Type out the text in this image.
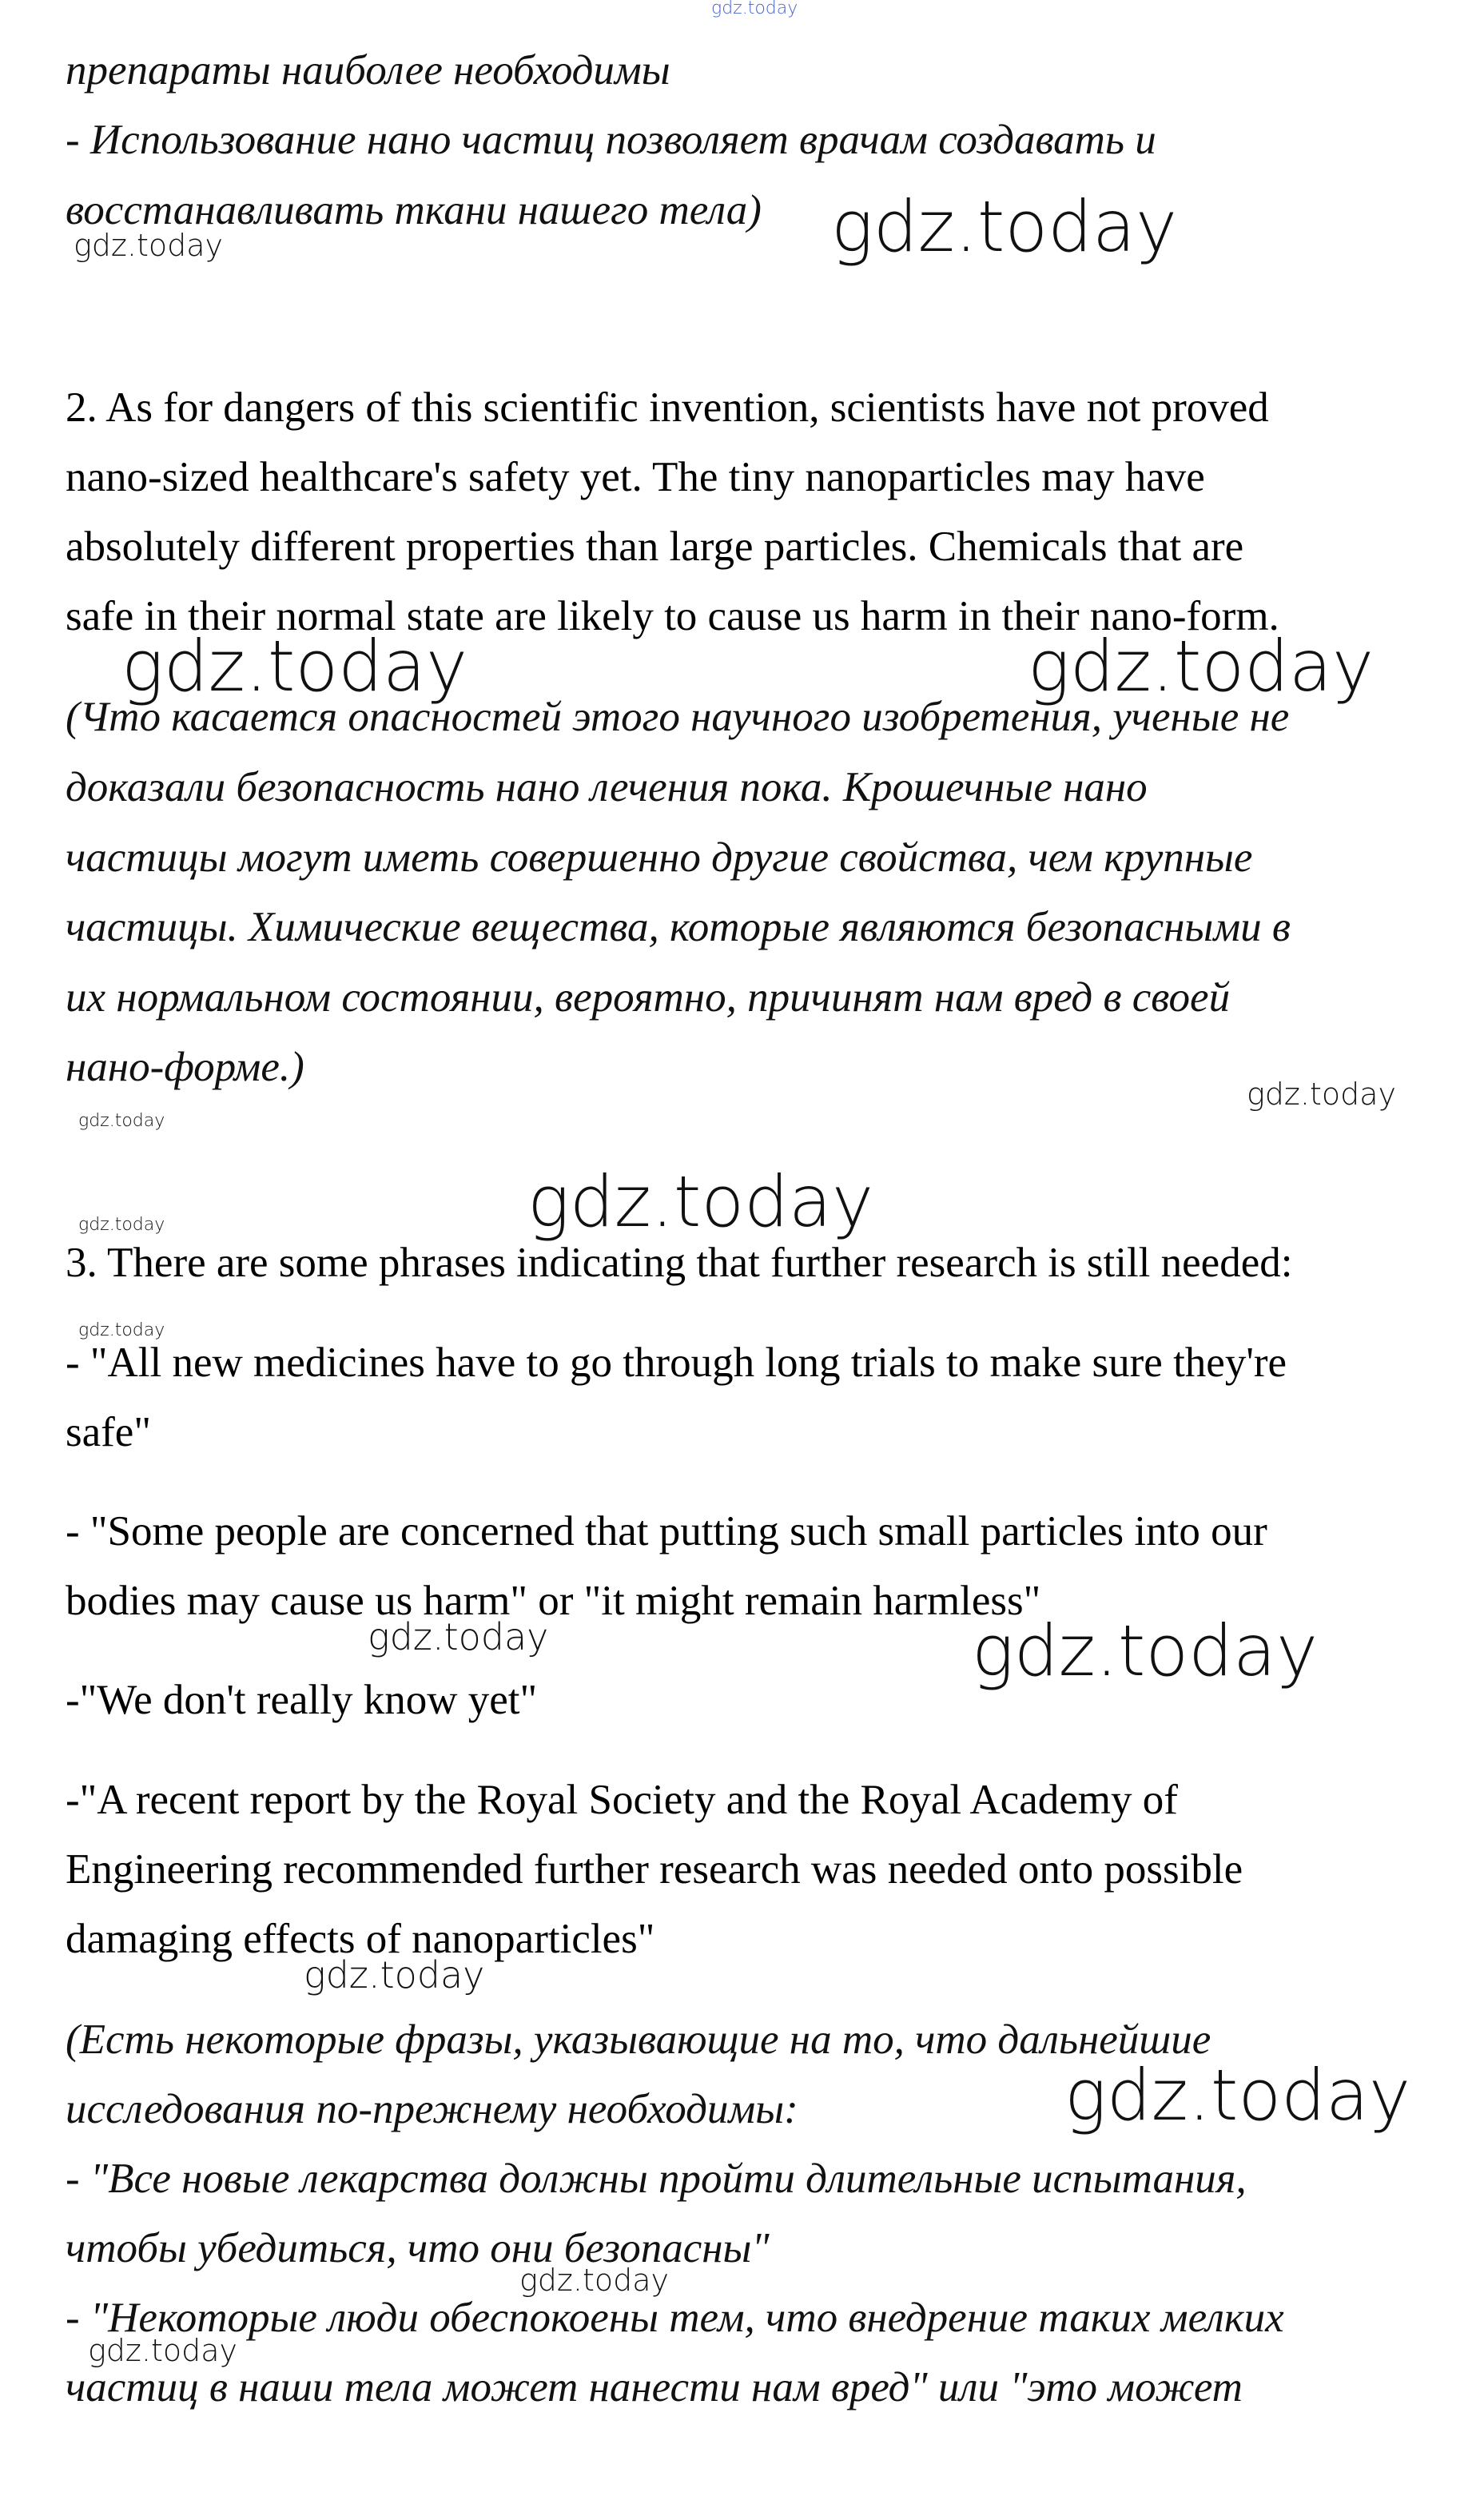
препараты наиболее необходимы
- Использование нано частиц позволяет врачам создавать и
восстанавливать ткани нашего тела)
2. As for dangers of this scientific invention, scientists have not proved
nano-sized healthcare's safety yet. The tiny nanoparticles may have
absolutely different properties than large particles. Chemicals that are
safe in their normal state are likely to cause us harm in their nano-form.
(Что касается опасностей этого научного изобретения, ученые не
доказали безопасность нано лечения пока. Крошечные нано
частицы могут иметь совершенно другие свойства, чем крупные
частицы. Химические вещества, которые являются безопасными в
их нормальном состоянии, вероятно, причинят нам вред в своей
нано-форме.)
3. There are some phrases indicating that further research is still needed:
- "All new medicines have to go through long trials to make sure they're
safe"
- "Some people are concerned that putting such small particles into our
bodies may cause us harm" or "it might remain harmless"
-"We don't really know yet"
-"A recent report by the Royal Society and the Royal Academy of
Engineering recommended further research was needed onto possible
damaging effects of nanoparticles"
(Есть некоторые фразы, указывающие на то, что дальнейшие
исследования по-прежнему необходимы:
- "Все новые лекарства должны пройти длительные испытания,
чтобы убедиться, что они безопасны"
- "Некоторые люди обеспокоены тем, что внедрение таких мелких
частиц в наши тела может нанести нам вред" или "это может
gdz.today
gdz.today
gdz.today
gdz.today	gdz.today
gdz.today
gdz.today
gdz.today
gdz.today
gdz.today
gdz.today	gdz.today
gdz.today
gdz.today
gdz.today
gdz.today
